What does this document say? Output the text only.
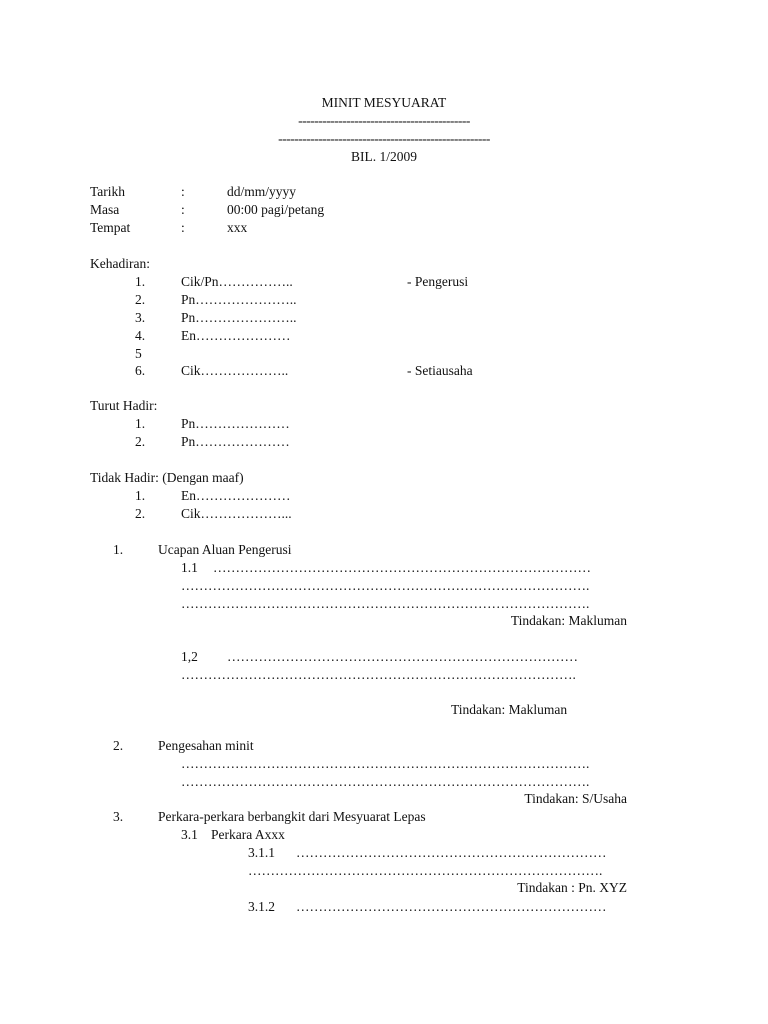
MINIT MESYUARAT
-------------------------------------------
-----------------------------------------------------
BIL. 1/2009
Tarikh	:	dd/mm/yyyy
Masa	:	00:00 pagi/petang
Tempat	:	xxx
Kehadiran:
1.	Cik/Pn……………..	- Pengerusi
2.	Pn…………………..
3.	Pn…………………..
4.	En…………………
5
6.	Cik………………..	- Setiausaha
Turut Hadir:
1.	Pn…………………
2.	Pn…………………
Tidak Hadir: (Dengan maaf)
1.	En…………………
2.	Cik………………...
1.	Ucapan Aluan Pengerusi
1.1 …………………………………………………………………………
……………………………………………………………………………….
……………………………………………………………………………….
Tindakan: Makluman
1,2 ……………………………………………………………………
…………………………………………………………………………….
Tindakan: Makluman
2.	Pengesahan minit
……………………………………………………………………………….
……………………………………………………………………………….
Tindakan: S/Usaha
3.	Perkara-perkara berbangkit dari Mesyuarat Lepas
3.1 Perkara Axxx
3.1.1 ……………………………………………………………
…………………………………………………………………….
Tindakan : Pn. XYZ
3.1.2 ……………………………………………………………
